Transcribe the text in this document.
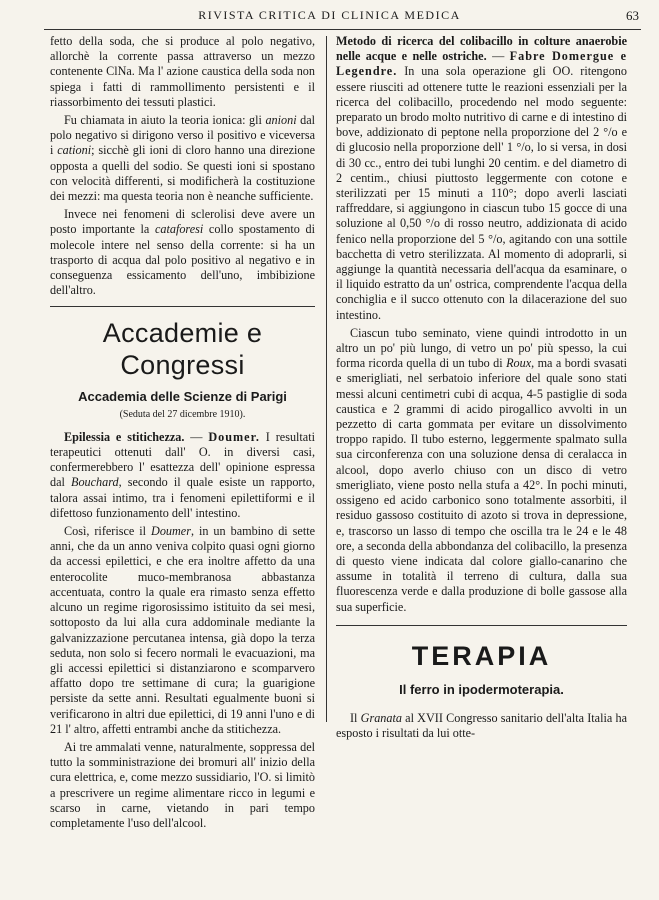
RIVISTA CRITICA DI CLINICA MEDICA	63

fetto della soda, che si produce al polo negativo, allorchè la corrente passa attraverso un mezzo contenente ClNa. Ma l' azione caustica della soda non spiega i fatti di rammollimento persistenti e il riassorbimento dei tessuti plastici.

Fu chiamata in aiuto la teoria ionica: gli anioni dal polo negativo si dirigono verso il positivo e viceversa i cationi; sicchè gli ioni di cloro hanno una direzione opposta a quelli del sodio. Se questi ioni si spostano con velocità differenti, si modificherà la costituzione dei mezzi: ma questa teoria non è neanche sufficiente.

Invece nei fenomeni di sclerolisi deve avere un posto importante la cataforesi collo spostamento di molecole intere nel senso della corrente: si ha un trasporto di acqua dal polo positivo al negativo e in conseguenza essicamento dell'uno, imbibizione dell'altro.

Accademie e Congressi
Accademia delle Scienze di Parigi
(Seduta del 27 dicembre 1910).

Epilessia e stitichezza. — Doumer. I resultati terapeutici ottenuti dall' O. in diversi casi, confermerebbero l' esattezza dell' opinione espressa dal Bouchard, secondo il quale esiste un rapporto, talora assai intimo, tra i fenomeni epilettiformi e il difettoso funzionamento dell' intestino.

Così, riferisce il Doumer, in un bambino di sette anni, che da un anno veniva colpito quasi ogni giorno da accessi epilettici, e che era inoltre affetto da una enterocolite muco-membranosa abbastanza accentuata, contro la quale era rimasto senza effetto alcuno un regime rigorosissimo istituito da sei mesi, sottoposto da lui alla cura addominale mediante la galvanizzazione percutanea intensa, già dopo la terza seduta, non solo si fecero normali le evacuazioni, ma gli accessi epilettici si distanziarono e scomparvero affatto dopo tre settimane di cura; la guarigione persiste da sette anni. Resultati egualmente buoni si verificarono in altri due epilettici, di 19 anni l'uno e di 21 l' altro, affetti entrambi anche da stitichezza.

Ai tre ammalati venne, naturalmente, soppressa del tutto la somministrazione dei bromuri all' inizio della cura elettrica, e, come mezzo sussidiario, l'O. si limitò a prescrivere un regime alimentare ricco in legumi e scarso in carne, vietando in pari tempo completamente l'uso dell'alcool.

Metodo di ricerca del colibacillo in colture anaerobie nelle acque e nelle ostriche. — Fabre Domergue e Legendre. In una sola operazione gli OO. ritengono essere riusciti ad ottenere tutte le reazioni essenziali per la ricerca del colibacillo, procedendo nel modo seguente: preparato un brodo molto nutritivo di carne e di intestino di bove, addizionato di peptone nella proporzione del 2 °/o e di glucosio nella proporzione dell' 1 °/o, lo si versa, in dosi di 30 cc., entro dei tubi lunghi 20 centim. e del diametro di 2 centim., chiusi piuttosto leggermente con cotone e sterilizzati per 15 minuti a 110°; dopo averli lasciati raffreddare, si aggiungono in ciascun tubo 15 gocce di una soluzione al 0,50 °/o di rosso neutro, addizionata di acido fenico nella proporzione del 5 °/o, agitando con una sottile bacchetta di vetro sterilizzata. Al momento di adoprarli, si aggiunge la quantità necessaria dell'acqua da esaminare, o il liquido estratto da un' ostrica, comprendente l'acqua della conchiglia e il succo ottenuto con la dilacerazione del suo intestino.

Ciascun tubo seminato, viene quindi introdotto in un altro un po' più lungo, di vetro un po' più spesso, la cui forma ricorda quella di un tubo di Roux, ma a bordi svasati e smerigliati, nel serbatoio inferiore del quale sono stati messi alcuni centimetri cubi di acqua, 4-5 pastiglie di soda caustica e 2 grammi di acido pirogallico avvolti in un pezzetto di carta gommata per evitare un dissolvimento troppo rapido. Il tubo esterno, leggermente spalmato sulla sua circonferenza con una soluzione densa di ceralacca in alcool, dopo averlo chiuso con un disco di vetro smerigliato, viene posto nella stufa a 42°. In pochi minuti, ossigeno ed acido carbonico sono totalmente assorbiti, il residuo gassoso costituito di azoto si trova in depressione, e, trascorso un lasso di tempo che oscilla tra le 24 e le 48 ore, a seconda della abbondanza del colibacillo, la presenza di questo viene indicata dal colore giallo-canarino che assume in totalità il terreno di cultura, dalla sua fluorescenza verde e dalla produzione di bolle gassose alla sua superficie.

TERAPIA
Il ferro in ipodermoterapia.

Il Granata al XVII Congresso sanitario dell'alta Italia ha esposto i risultati da lui otte-
